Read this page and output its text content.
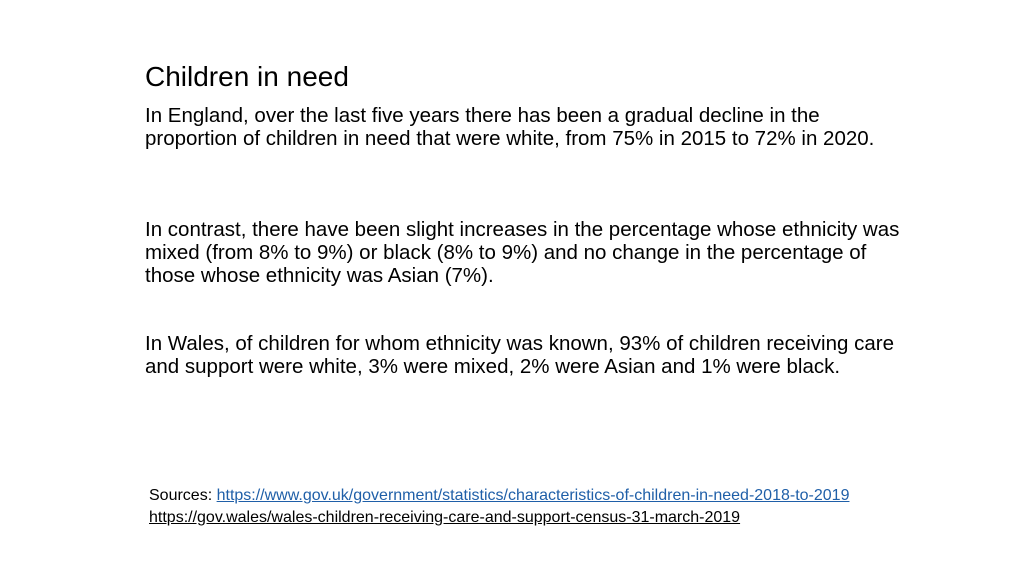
Children in need

In England, over the last five years there has been a gradual decline in the proportion of children in need that were white, from 75% in 2015 to 72% in 2020.

In contrast, there have been slight increases in the percentage whose ethnicity was mixed (from 8% to 9%) or black (8% to 9%) and no change in the percentage of those whose ethnicity was Asian (7%).

In Wales, of children for whom ethnicity was known, 93% of children receiving care and support were white, 3% were mixed, 2% were Asian and 1% were black.

Sources: https://www.gov.uk/government/statistics/characteristics-of-children-in-need-2018-to-2019
https://gov.wales/wales-children-receiving-care-and-support-census-31-march-2019
